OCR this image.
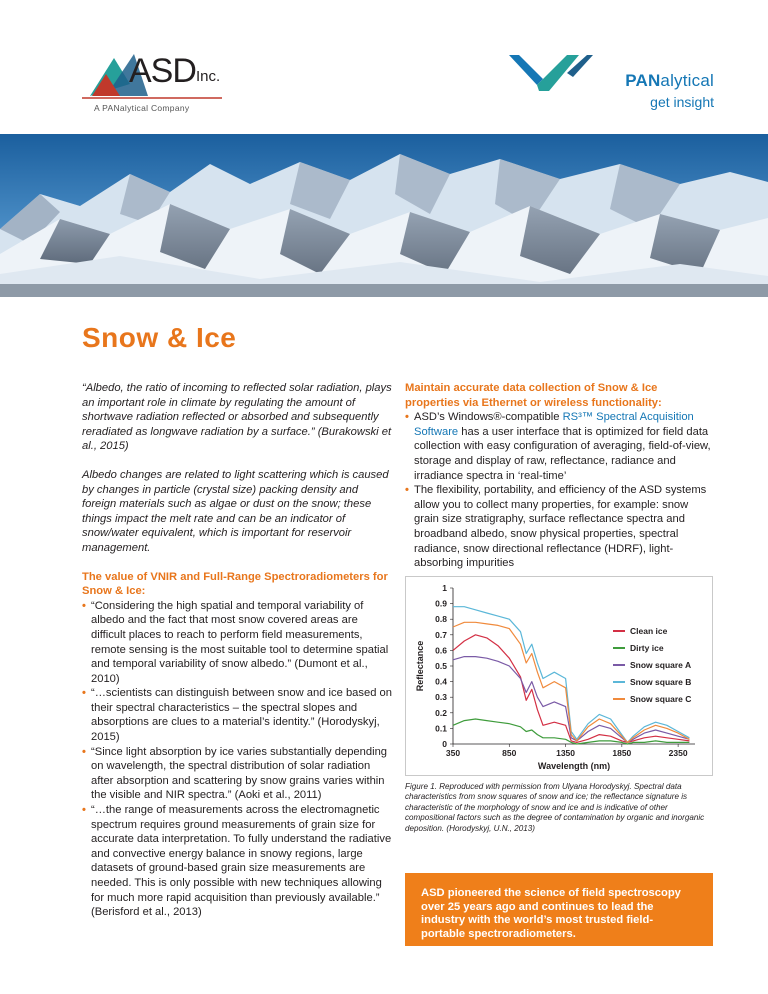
ASD Inc.
A PANalytical Company
PANalytical
get insight
Snow & Ice

“Albedo, the ratio of incoming to reflected solar radiation, plays an important role in climate by regulating the amount of shortwave radiation reflected or absorbed and subsequently reradiated as longwave radiation by a surface.” (Burakowski et al., 2015)

Albedo changes are related to light scattering which is caused by changes in particle (crystal size) packing density and foreign materials such as algae or dust on the snow; these things impact the melt rate and can be an indicator of snow/water equivalent, which is important for reservoir management.

The value of VNIR and Full-Range Spectroradiometers for Snow & Ice:

• “Considering the high spatial and temporal variability of albedo and the fact that most snow covered areas are difficult places to reach to perform field measurements, remote sensing is the most suitable tool to determine spatial and temporal variability of snow albedo.” (Dumont et al., 2010)
• “…scientists can distinguish between snow and ice based on their spectral characteristics – the spectral slopes and absorptions are clues to a material’s identity.” (Horodyskyj, 2015)
• “Since light absorption by ice varies substantially depending on wavelength, the spectral distribution of solar radiation after absorption and scattering by snow grains varies within the visible and NIR spectra.” (Aoki et al., 2011)
• “…the range of measurements across the electromagnetic spectrum requires ground measurements of grain size for accurate data interpretation. To fully understand the radiative and convective energy balance in snowy regions, large datasets of ground-based grain size measurements are needed. This is only possible with new techniques allowing for much more rapid acquisition than previously available.” (Berisford et al., 2013)

Maintain accurate data collection of Snow & Ice properties via Ethernet or wireless functionality:

• ASD’s Windows®-compatible RS³™ Spectral Acquisition Software has a user interface that is optimized for field data collection with easy configuration of averaging, field-of-view, storage and display of raw, reflectance, radiance and irradiance spectra in ‘real-time’
• The flexibility, portability, and efficiency of the ASD systems allow you to collect many properties, for example: snow grain size stratigraphy, surface reflectance spectra and broadband albedo, snow physical properties, spectral radiance, snow directional reflectance (HDRF), light-absorbing impurities
0
0.1
0.2
0.3
0.4
0.5
0.6
0.7
0.8
0.9
1
350	850	1350	1850	2350
Wavelength (nm)
Reflectance
Clean ice
Dirty ice
Snow square A
Snow square B
Snow square C
Figure 1. Reproduced with permission from Ulyana Horodyskyj. Spectral data characteristics from snow squares of snow and ice; the reflectance signature is characteristic of the morphology of snow and ice and is indicative of other compositional factors such as the degree of contamination by organic and inorganic deposition. (Horodyskyj, U.N., 2013)
ASD pioneered the science of field spectroscopy over 25 years ago and continues to lead the industry with the world’s most trusted field-portable spectroradiometers.
